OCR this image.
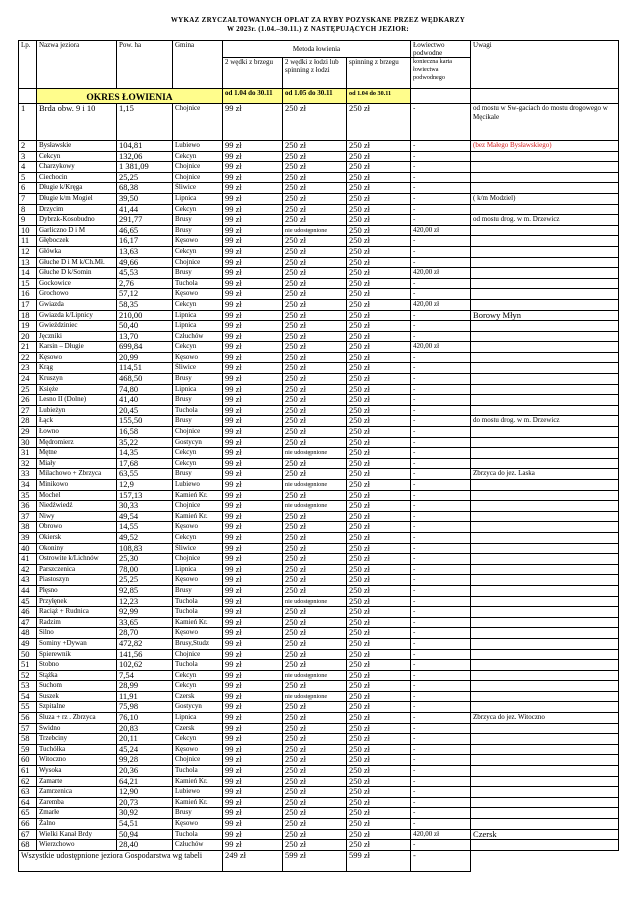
WYKAZ ZRYCZAŁTOWANYCH OPŁAT ZA RYBY POZYSKANE PRZEZ WĘDKARZY
W 2023r. (1.04.–30.11.) Z NASTĘPUJĄCYCH JEZIOR:
Lp.	Nazwa jeziora	Pow. ha	Gmina	Metoda łowienia			Łowiectwo podwodne	Uwagi
				2 wędki z brzegu	2 wędki z łodzi lub spinning z łodzi	spinning z brzegu	konieczna karta łowiectwa podwodnego	
	OKRES ŁOWIENIA			od 1.04 do 30.11	od 1.05 do 30.11	od 1.04 do 30.11		
1	Brda obw. 9 i 10	1,15	Chojnice	99 zł	250 zł	250 zł	-	od mostu w Sw-gaciach do mostu drogowego w Męcikale
2	Bysławskie	104,81	Lubiewo	99 zł	250 zł	250 zł	-	(bez Małego Bysławskiego)
3	Cekcyn	132,06	Cekcyn	99 zł	250 zł	250 zł	-	
4	Charzykowy	1 381,09	Chojnice	99 zł	250 zł	250 zł	-	
5	Ciechocin	25,25	Chojnice	99 zł	250 zł	250 zł	-	
6	Długie k/Kręga	68,38	Śliwice	99 zł	250 zł	250 zł	-	
7	Długie k/m Mogiel	39,50	Lipnica	99 zł	250 zł	250 zł	-	( k/m Modziel)
8	Drzycim	41,44	Cekcyn	99 zł	250 zł	250 zł	-	
9	Dybrzk-Kosobudno	291,77	Brusy	99 zł	250 zł	250 zł	-	od mostu drog. w m. Drzewicz
10	Garliczno D i M	46,65	Brusy	99 zł	nie udostępnione	250 zł	420,00 zł	
11	Głęboczek	16,17	Kęsowo	99 zł	250 zł	250 zł	-	
12	Główka	13,63	Cekcyn	99 zł	250 zł	250 zł	-	
13	Głuche D i M k/Ch.Mł.	49,66	Chojnice	99 zł	250 zł	250 zł	-	
14	Głuche D k/Somin	45,53	Brusy	99 zł	250 zł	250 zł	420,00 zł	
15	Gockowice	2,76	Tuchola	99 zł	250 zł	250 zł	-	
16	Grochowo	57,12	Kęsowo	99 zł	250 zł	250 zł	-	
17	Gwiazda	58,35	Cekcyn	99 zł	250 zł	250 zł	420,00 zł	
18	Gwiazda k/Lipnicy	210,00	Lipnica	99 zł	250 zł	250 zł	-	Borowy Młyn
19	Gwieździniec	50,40	Lipnica	99 zł	250 zł	250 zł	-	
20	Jęczniki	13,70	Człuchów	99 zł	250 zł	250 zł	-	
21	Karsin – Długie	699,84	Cekcyn	99 zł	250 zł	250 zł	420,00 zł	
22	Kęsowo	20,99	Kęsowo	99 zł	250 zł	250 zł	-	
23	Krąg	114,51	Śliwice	99 zł	250 zł	250 zł	-	
24	Kruszyn	468,50	Brusy	99 zł	250 zł	250 zł	-	
25	Księże	74,80	Lipnica	99 zł	250 zł	250 zł	-	
26	Lesno II (Dolne)	41,40	Brusy	99 zł	250 zł	250 zł	-	
27	Lubieżyn	20,45	Tuchola	99 zł	250 zł	250 zł	-	
28	Łąck	155,50	Brusy	99 zł	250 zł	250 zł	-	do mostu drog. w m. Drzewicz
29	Łowno	16,58	Chojnice	99 zł	250 zł	250 zł	-	
30	Mędromierz	35,22	Gostycyn	99 zł	250 zł	250 zł	-	
31	Mętne	14,35	Cekcyn	99 zł	nie udostępnione	250 zł	-	
32	Miały	17,68	Cekcyn	99 zł	250 zł	250 zł	-	
33	Milachowo + Zbrzyca	63,55	Brusy	99 zł	250 zł	250 zł	-	Zbrzyca do jez. Laska
34	Minikowo	12,9	Lubiewo	99 zł	nie udostępnione	250 zł	-	
35	Mochel	157,13	Kamień Kr.	99 zł	250 zł	250 zł	-	
36	Niedźwiedź	30,33	Chojnice	99 zł	nie udostępnione	250 zł	-	
37	Niwy	49,54	Kamień Kr.	99 zł	250 zł	250 zł	-	
38	Obrowo	14,55	Kęsowo	99 zł	250 zł	250 zł	-	
39	Okiersk	49,52	Cekcyn	99 zł	250 zł	250 zł	-	
40	Okoniny	108,83	Śliwice	99 zł	250 zł	250 zł	-	
41	Ostrowite k/Lichnów	25,30	Chojnice	99 zł	250 zł	250 zł	-	
42	Parszczenica	78,00	Lipnica	99 zł	250 zł	250 zł	-	
43	Piastoszyn	25,25	Kęsowo	99 zł	250 zł	250 zł	-	
44	Płęsno	92,85	Brusy	99 zł	250 zł	250 zł	-	
45	Przyłęnek	12,23	Tuchola	99 zł	nie udostępnione	250 zł	-	
46	Raciąż + Rudnica	92,99	Tuchola	99 zł	250 zł	250 zł	-	
47	Radzim	33,65	Kamień Kr.	99 zł	250 zł	250 zł	-	
48	Silno	28,70	Kęsowo	99 zł	250 zł	250 zł	-	
49	Sominy +Dywan	472,82	Brusy,Studz	99 zł	250 zł	250 zł	-	
50	Spierewnik	141,56	Chojnice	99 zł	250 zł	250 zł	-	
51	Stobno	102,62	Tuchola	99 zł	250 zł	250 zł	-	
52	Stążka	7,54	Cekcyn	99 zł	nie udostępnione	250 zł	-	
53	Suchom	28,99	Cekcyn	99 zł	250 zł	250 zł	-	
54	Suszek	11,91	Czersk	99 zł	nie udostępnione	250 zł	-	
55	Szpitalne	75,98	Gostycyn	99 zł	250 zł	250 zł	-	
56	Śluza + rz . Zbrzyca	76,10	Lipnica	99 zł	250 zł	250 zł	-	Zbrzyca do jez. Witoczno
57	Świdno	20,83	Czersk	99 zł	250 zł	250 zł	-	
58	Trzebciny	20,11	Cekcyn	99 zł	250 zł	250 zł	-	
59	Tuchółka	45,24	Kęsowo	99 zł	250 zł	250 zł	-	
60	Witoczno	99,28	Chojnice	99 zł	250 zł	250 zł	-	
61	Wysoka	20,36	Tuchola	99 zł	250 zł	250 zł	-	
62	Zamarte	64,21	Kamień Kr.	99 zł	250 zł	250 zł	-	
63	Zamrzenica	12,90	Lubiewo	99 zł	250 zł	250 zł	-	
64	Zaremba	20,73	Kamień Kr.	99 zł	250 zł	250 zł	-	
65	Zmarłe	30,92	Brusy	99 zł	250 zł	250 zł	-	
66	Żalno	54,51	Kęsowo	99 zł	250 zł	250 zł	-	
67	Wielki Kanał Brdy	50,94	Tuchola	99 zł	250 zł	250 zł	420,00 zł	Czersk
68	Wierzchowo	28,40	Człuchów	99 zł	250 zł	250 zł	-	
Wszystkie udostępnione jeziora Gospodarstwa wg tabeli				249 zł	599 zł	599 zł	-	
